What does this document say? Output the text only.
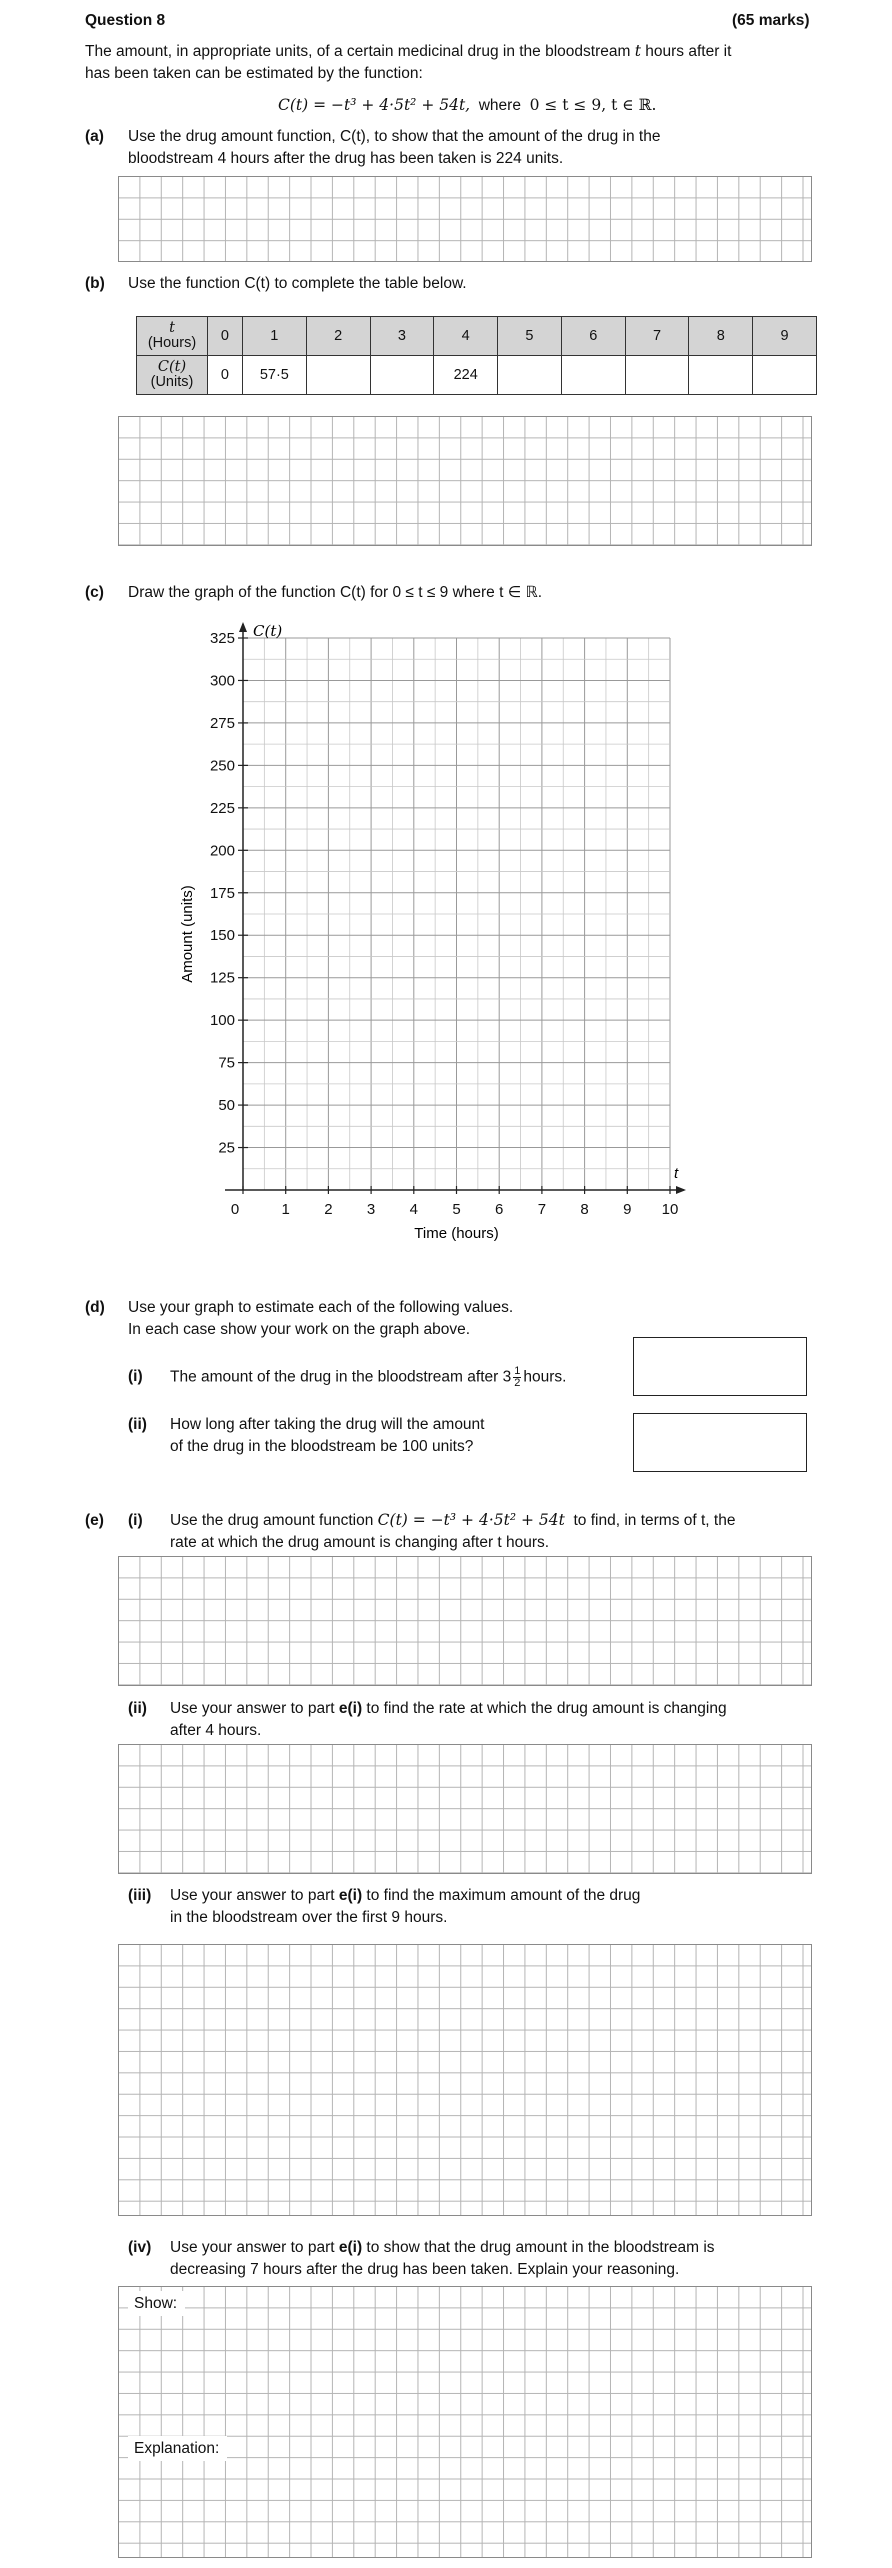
Question 8	(65 marks)
The amount, in appropriate units, of a certain medicinal drug in the bloodstream t hours after it
has been taken can be estimated by the function:
C(t) = −t³ + 4·5t² + 54t, where 0 ≤ t ≤ 9, t ∈ ℝ.
(a) Use the drug amount function, C(t), to show that the amount of the drug in the
bloodstream 4 hours after the drug has been taken is 224 units.
(b) Use the function C(t) to complete the table below.
t
(Hours)	0	1	2	3	4	5	6	7	8	9
C(t)
(Units)	0	57·5			224					
(c) Draw the graph of the function C(t) for 0 ≤ t ≤ 9 where t ∈ ℝ.
0	1 2 3 4 5 6 7 8 9 10
25
50
75
100
125
150
175
200
225
250
275
300
325 C(t)
t
Time (hours)
Amount (units)
(d) Use your graph to estimate each of the following values.
In each case show your work on the graph above.
(i) The amount of the drug in the bloodstream after $3 \frac{1}{2}$ hours.
(ii) How long after taking the drug will the amount
of the drug in the bloodstream be 100 units?
(e) (i) Use the drug amount function C(t) = −t³ + 4·5t² + 54t to find, in terms of t, the
rate at which the drug amount is changing after t hours.
(ii) Use your answer to part e(i) to find the rate at which the drug amount is changing
after 4 hours.
(iii) Use your answer to part e(i) to find the maximum amount of the drug
in the bloodstream over the first 9 hours.
(iv) Use your answer to part e(i) to show that the drug amount in the bloodstream is
decreasing 7 hours after the drug has been taken. Explain your reasoning.
Show:
Explanation:
